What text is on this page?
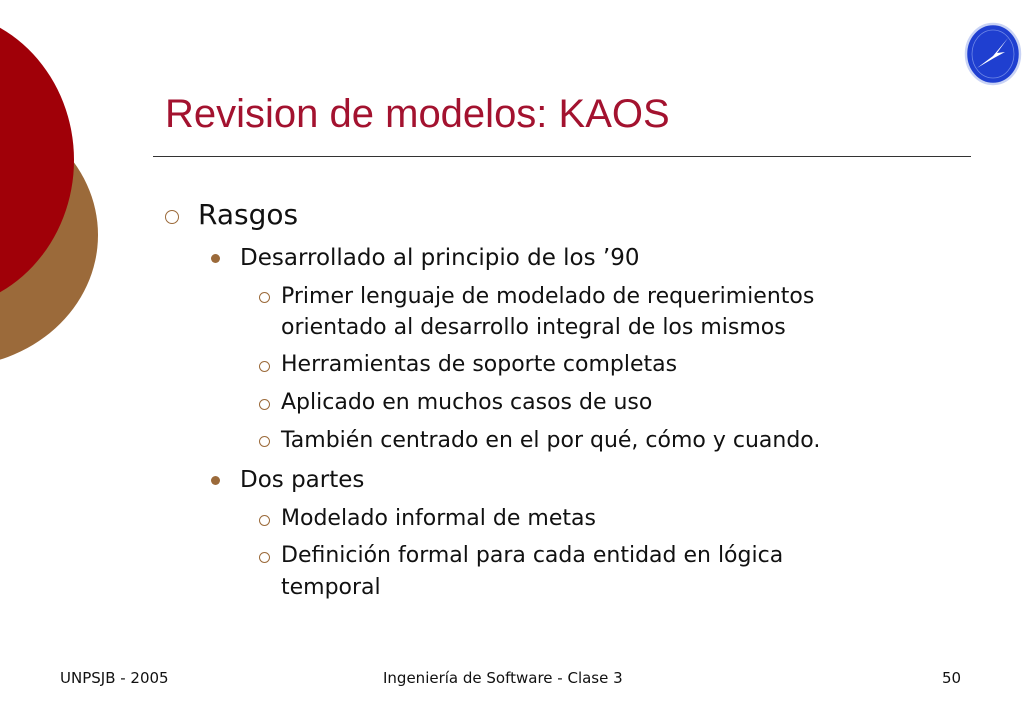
Revision de modelos: KAOS
Rasgos
Desarrollado al principio de los ’90
Primer lenguaje de modelado de requerimientos
orientado al desarrollo integral de los mismos
Herramientas de soporte completas
Aplicado en muchos casos de uso
También centrado en el por qué, cómo y cuando.
Dos partes
Modelado informal de metas
Definición formal para cada entidad en lógica
temporal
UNPSJB - 2005	Ingeniería de Software - Clase 3	50
